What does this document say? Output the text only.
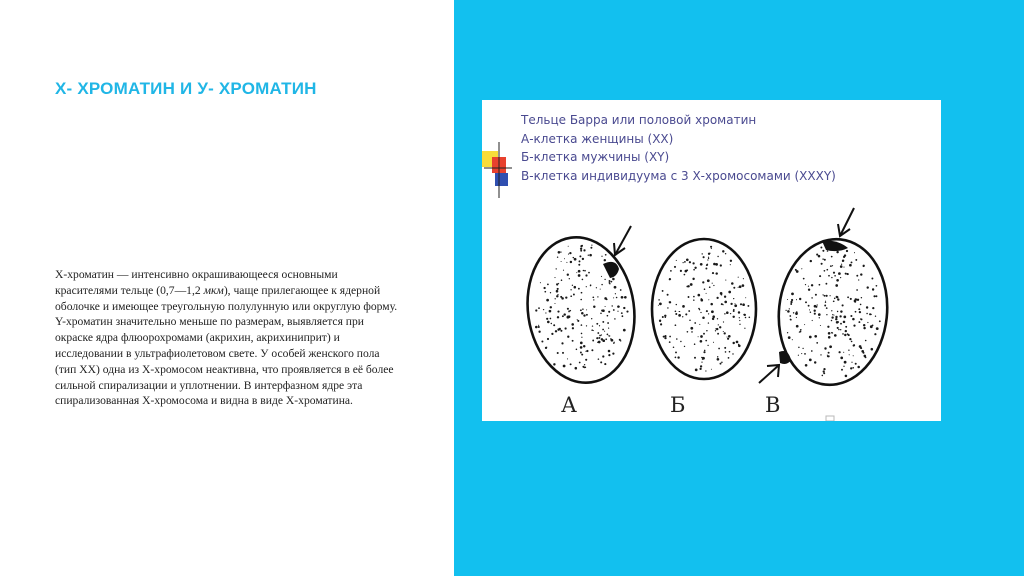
Х- ХРОМАТИН И У- ХРОМАТИН

Х-хроматин — интенсивно окрашивающееся основными красителями тельце (0,7—1,2 мкм), чаще прилегающее к ядерной оболочке и имеющее треугольную полулунную или округлую форму. Y-хроматин значительно меньше по размерам, выявляется при окраске ядра флюорохромами (акрихин, акрихиниприт) и исследовании в ультрафиолетовом свете. У особей женского пола (тип ХХ) одна из Х-хромосом неактивна, что проявляется в её более сильной спирализации и уплотнении. В интерфазном ядре эта спирализованная Х-хромосома и видна в виде Х-хроматина.

Тельце Барра или половой хроматин
А-клетка женщины (ХХ)
Б-клетка мужчины (ХY)
В-клетка индивидуума с 3 Х-хромосомами (ХХХY)
А	Б	В
